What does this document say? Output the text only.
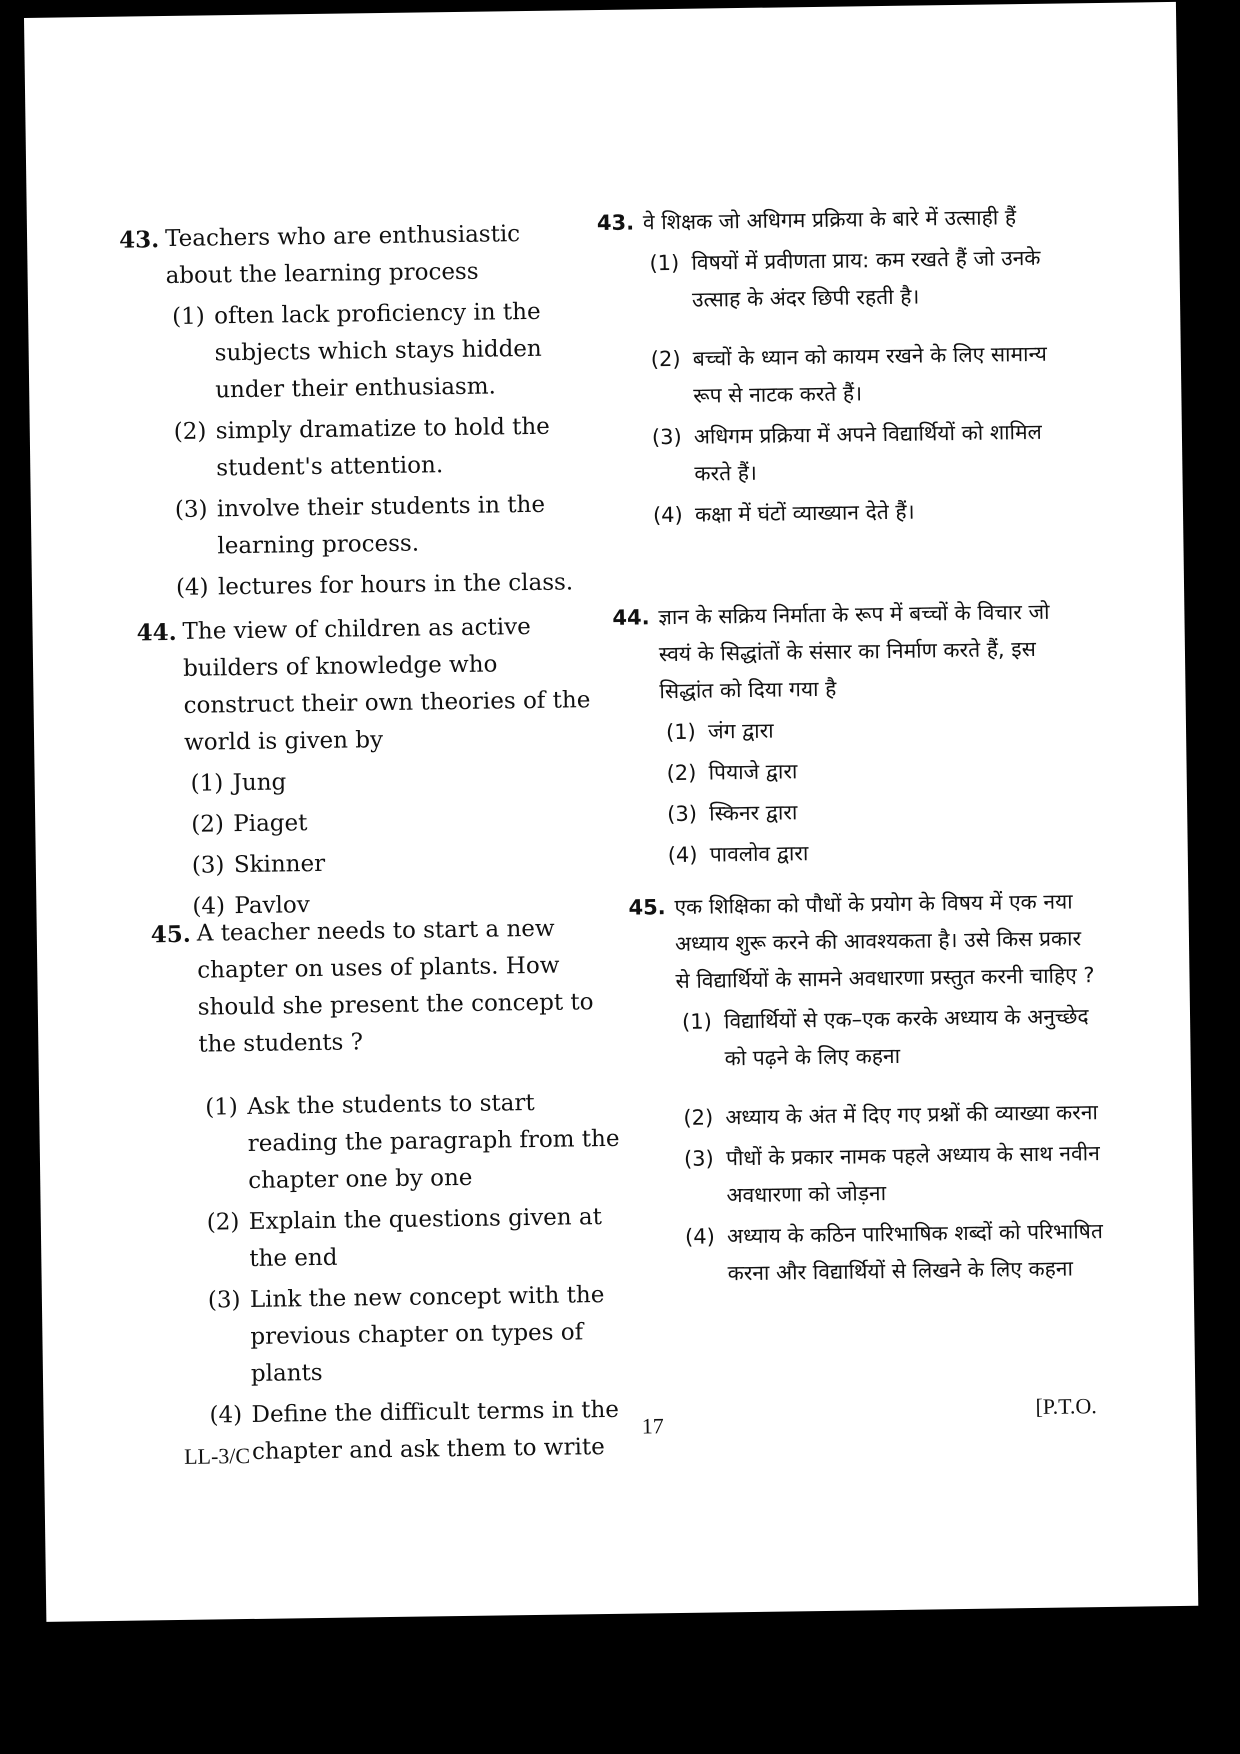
43. Teachers who are enthusiastic about the learning process
(1) often lack proficiency in the subjects which stays hidden under their enthusiasm.
(2) simply dramatize to hold the student's attention.
(3) involve their students in the learning process.
(4) lectures for hours in the class.
44. The view of children as active builders of knowledge who construct their own theories of the world is given by
(1) Jung
(2) Piaget
(3) Skinner
(4) Pavlov
45. A teacher needs to start a new chapter on uses of plants. How should she present the concept to the students ?
(1) Ask the students to start reading the paragraph from the chapter one by one
(2) Explain the questions given at the end
(3) Link the new concept with the previous chapter on types of plants
(4) Define the difficult terms in the chapter and ask them to write
43. वे शिक्षक जो अधिगम प्रक्रिया के बारे में उत्साही हैं
(1) विषयों में प्रवीणता प्राय: कम रखते हैं जो उनके उत्साह के अंदर छिपी रहती है।
(2) बच्चों के ध्यान को कायम रखने के लिए सामान्य रूप से नाटक करते हैं।
(3) अधिगम प्रक्रिया में अपने विद्यार्थियों को शामिल करते हैं।
(4) कक्षा में घंटों व्याख्यान देते हैं।
44. ज्ञान के सक्रिय निर्माता के रूप में बच्चों के विचार जो स्वयं के सिद्धांतों के संसार का निर्माण करते हैं, इस सिद्धांत को दिया गया है
(1) जंग द्वारा
(2) पियाजे द्वारा
(3) स्किनर द्वारा
(4) पावलोव द्वारा
45. एक शिक्षिका को पौधों के प्रयोग के विषय में एक नया अध्याय शुरू करने की आवश्यकता है। उसे किस प्रकार से विद्यार्थियों के सामने अवधारणा प्रस्तुत करनी चाहिए ?
(1) विद्यार्थियों से एक–एक करके अध्याय के अनुच्छेद को पढ़ने के लिए कहना
(2) अध्याय के अंत में दिए गए प्रश्नों की व्याख्या करना
(3) पौधों के प्रकार नामक पहले अध्याय के साथ नवीन अवधारणा को जोड़ना
(4) अध्याय के कठिन पारिभाषिक शब्दों को परिभाषित करना और विद्यार्थियों से लिखने के लिए कहना
LL-3/C
17
[P.T.O.
